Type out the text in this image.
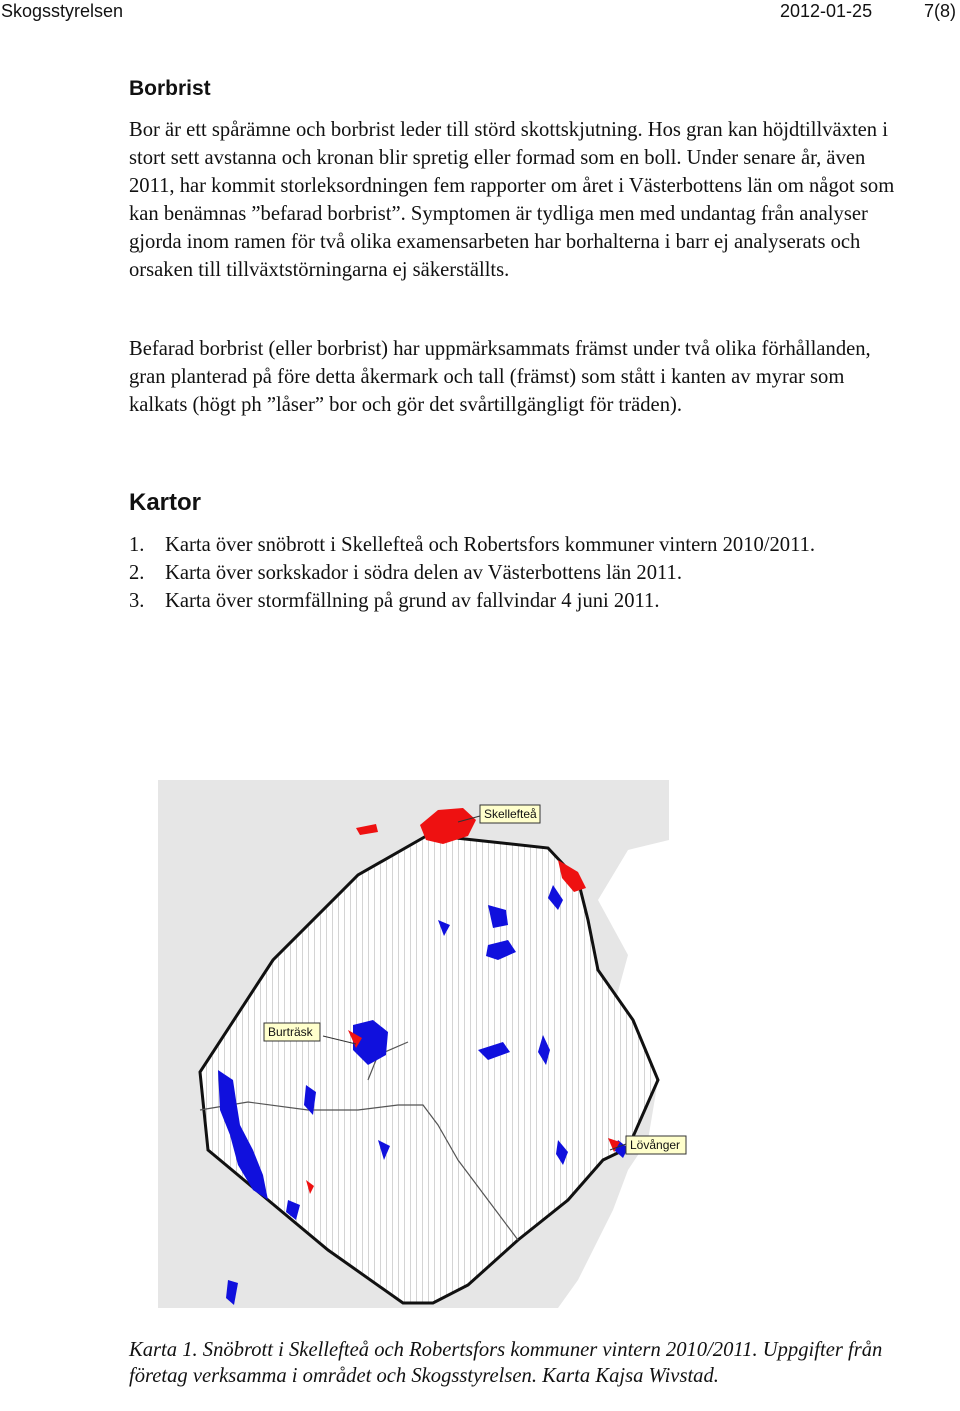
Skogsstyrelsen	2012-01-25	7(8)
Borbrist

Bor är ett spårämne och borbrist leder till störd skottskjutning. Hos gran kan höjdtillväxten i stort sett avstanna och kronan blir spretig eller formad som en boll. Under senare år, även 2011, har kommit storleksordningen fem rapporter om året i Västerbottens län om något som kan benämnas ”befarad borbrist”. Symptomen är tydliga men med undantag från analyser gjorda inom ramen för två olika examensarbeten har borhalterna i barr ej analyserats och orsaken till tillväxtstörningarna ej säkerställts.

Befarad borbrist (eller borbrist) har uppmärksammats främst under två olika förhållanden, gran planterad på före detta åkermark och tall (främst) som stått i kanten av myrar som kalkats (högt ph ”låser” bor och gör det svårtillgängligt för träden).

Kartor
1. Karta över snöbrott i Skellefteå och Robertsfors kommuner vintern 2010/2011.
2. Karta över sorkskador i södra delen av Västerbottens län 2011.
3. Karta över stormfällning på grund av fallvindar 4 juni 2011.
Skellefteå
Burträsk
Lövånger

Karta 1. Snöbrott i Skellefteå och Robertsfors kommuner vintern 2010/2011. Uppgifter från företag verksamma i området och Skogsstyrelsen. Karta Kajsa Wivstad.
